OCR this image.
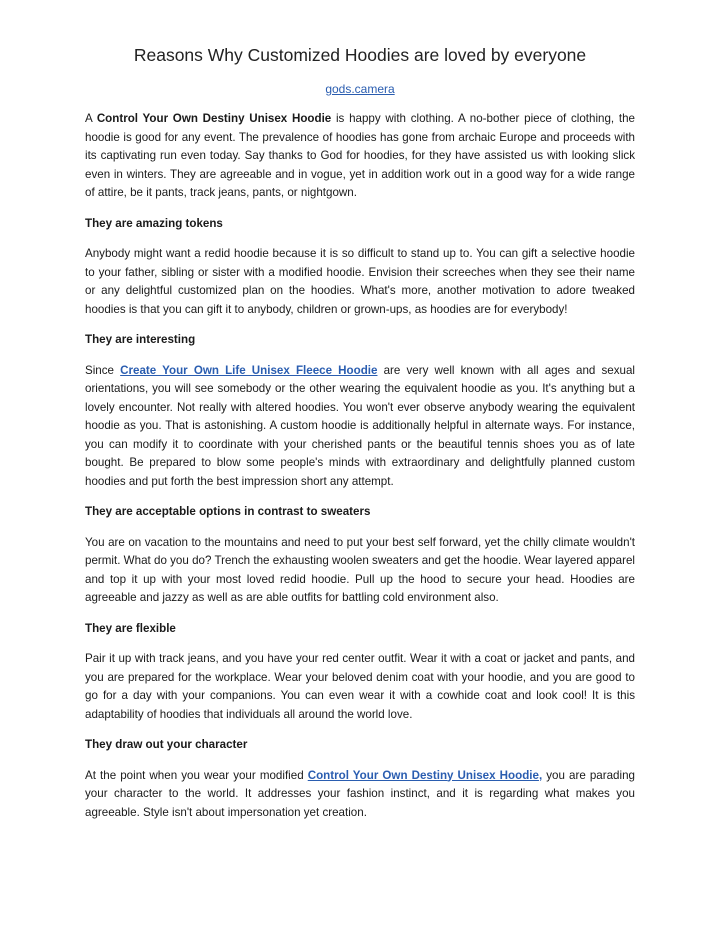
Reasons Why Customized Hoodies are loved by everyone
gods.camera

A Control Your Own Destiny Unisex Hoodie is happy with clothing. A no-bother piece of clothing, the hoodie is good for any event. The prevalence of hoodies has gone from archaic Europe and proceeds with its captivating run even today. Say thanks to God for hoodies, for they have assisted us with looking slick even in winters. They are agreeable and in vogue, yet in addition work out in a good way for a wide range of attire, be it pants, track jeans, pants, or nightgown.

They are amazing tokens

Anybody might want a redid hoodie because it is so difficult to stand up to. You can gift a selective hoodie to your father, sibling or sister with a modified hoodie. Envision their screeches when they see their name or any delightful customized plan on the hoodies. What's more, another motivation to adore tweaked hoodies is that you can gift it to anybody, children or grown-ups, as hoodies are for everybody!

They are interesting

Since Create Your Own Life Unisex Fleece Hoodie are very well known with all ages and sexual orientations, you will see somebody or the other wearing the equivalent hoodie as you. It's anything but a lovely encounter. Not really with altered hoodies. You won't ever observe anybody wearing the equivalent hoodie as you. That is astonishing. A custom hoodie is additionally helpful in alternate ways. For instance, you can modify it to coordinate with your cherished pants or the beautiful tennis shoes you as of late bought. Be prepared to blow some people's minds with extraordinary and delightfully planned custom hoodies and put forth the best impression short any attempt.

They are acceptable options in contrast to sweaters

You are on vacation to the mountains and need to put your best self forward, yet the chilly climate wouldn't permit. What do you do? Trench the exhausting woolen sweaters and get the hoodie. Wear layered apparel and top it up with your most loved redid hoodie. Pull up the hood to secure your head. Hoodies are agreeable and jazzy as well as are able outfits for battling cold environment also.

They are flexible

Pair it up with track jeans, and you have your red center outfit. Wear it with a coat or jacket and pants, and you are prepared for the workplace. Wear your beloved denim coat with your hoodie, and you are good to go for a day with your companions. You can even wear it with a cowhide coat and look cool! It is this adaptability of hoodies that individuals all around the world love.

They draw out your character

At the point when you wear your modified Control Your Own Destiny Unisex Hoodie, you are parading your character to the world. It addresses your fashion instinct, and it is regarding what makes you agreeable. Style isn't about impersonation yet creation.
